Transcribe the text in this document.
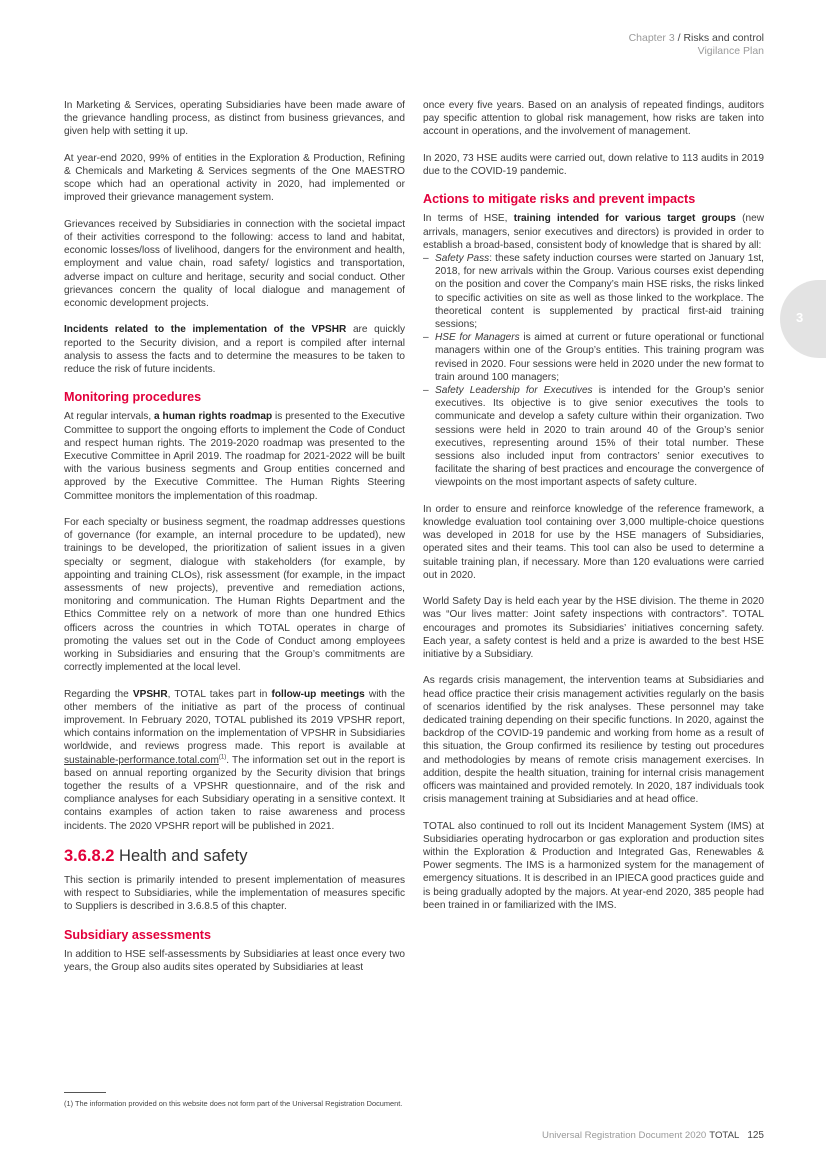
Chapter 3 / Risks and control
Vigilance Plan
3

In Marketing & Services, operating Subsidiaries have been made aware of the grievance handling process, as distinct from business grievances, and given help with setting it up.

At year-end 2020, 99% of entities in the Exploration & Production, Refining & Chemicals and Marketing & Services segments of the One MAESTRO scope which had an operational activity in 2020, had implemented or improved their grievance management system.

Grievances received by Subsidiaries in connection with the societal impact of their activities correspond to the following: access to land and habitat, economic losses/loss of livelihood, dangers for the environment and health, employment and value chain, road safety/ logistics and transportation, adverse impact on culture and heritage, security and social conduct. Other grievances concern the quality of local dialogue and management of economic development projects.

Incidents related to the implementation of the VPSHR are quickly reported to the Security division, and a report is compiled after internal analysis to assess the facts and to determine the measures to be taken to reduce the risk of future incidents.

Monitoring procedures

At regular intervals, a human rights roadmap is presented to the Executive Committee to support the ongoing efforts to implement the Code of Conduct and respect human rights. The 2019-2020 roadmap was presented to the Executive Committee in April 2019. The roadmap for 2021-2022 will be built with the various business segments and Group entities concerned and approved by the Executive Committee. The Human Rights Steering Committee monitors the implementation of this roadmap.

For each specialty or business segment, the roadmap addresses questions of governance (for example, an internal procedure to be updated), new trainings to be developed, the prioritization of salient issues in a given specialty or segment, dialogue with stakeholders (for example, by appointing and training CLOs), risk assessment (for example, in the impact assessments of new projects), preventive and remediation actions, monitoring and communication. The Human Rights Department and the Ethics Committee rely on a network of more than one hundred Ethics officers across the countries in which TOTAL operates in charge of promoting the values set out in the Code of Conduct among employees working in Subsidiaries and ensuring that the Group’s commitments are correctly implemented at the local level.

Regarding the VPSHR, TOTAL takes part in follow-up meetings with the other members of the initiative as part of the process of continual improvement. In February 2020, TOTAL published its 2019 VPSHR report, which contains information on the implementation of VPSHR in Subsidiaries worldwide, and reviews progress made. This report is available at sustainable-performance.total.com$^{(1)}$. The information set out in the report is based on annual reporting organized by the Security division that brings together the results of a VPSHR questionnaire, and of the risk and compliance analyses for each Subsidiary operating in a sensitive context. It contains examples of action taken to raise awareness and process incidents. The 2020 VPSHR report will be published in 2021.

3.6.8.2 Health and safety

This section is primarily intended to present implementation of measures with respect to Subsidiaries, while the implementation of measures specific to Suppliers is described in 3.6.8.5 of this chapter.

Subsidiary assessments

In addition to HSE self-assessments by Subsidiaries at least once every two years, the Group also audits sites operated by Subsidiaries at least

once every five years. Based on an analysis of repeated findings, auditors pay specific attention to global risk management, how risks are taken into account in operations, and the involvement of management.

In 2020, 73 HSE audits were carried out, down relative to 113 audits in 2019 due to the COVID-19 pandemic.

Actions to mitigate risks and prevent impacts

In terms of HSE, training intended for various target groups (new arrivals, managers, senior executives and directors) is provided in order to establish a broad-based, consistent body of knowledge that is shared by all:

– Safety Pass: these safety induction courses were started on January 1st, 2018, for new arrivals within the Group. Various courses exist depending on the position and cover the Company’s main HSE risks, the risks linked to specific activities on site as well as those linked to the workplace. The theoretical content is supplemented by practical first-aid training sessions;
– HSE for Managers is aimed at current or future operational or functional managers within one of the Group’s entities. This training program was revised in 2020. Four sessions were held in 2020 under the new format to train around 100 managers;
– Safety Leadership for Executives is intended for the Group’s senior executives. Its objective is to give senior executives the tools to communicate and develop a safety culture within their organization. Two sessions were held in 2020 to train around 40 of the Group’s senior executives, representing around 15% of their total number. These sessions also included input from contractors’ senior executives to facilitate the sharing of best practices and encourage the convergence of viewpoints on the most important aspects of safety culture.

In order to ensure and reinforce knowledge of the reference framework, a knowledge evaluation tool containing over 3,000 multiple-choice questions was developed in 2018 for use by the HSE managers of Subsidiaries, operated sites and their teams. This tool can also be used to determine a suitable training plan, if necessary. More than 120 evaluations were carried out in 2020.

World Safety Day is held each year by the HSE division. The theme in 2020 was “Our lives matter: Joint safety inspections with contractors”. TOTAL encourages and promotes its Subsidiaries’ initiatives concerning safety. Each year, a safety contest is held and a prize is awarded to the best HSE initiative by a Subsidiary.

As regards crisis management, the intervention teams at Subsidiaries and head office practice their crisis management activities regularly on the basis of scenarios identified by the risk analyses. These personnel may take dedicated training depending on their specific functions. In 2020, against the backdrop of the COVID-19 pandemic and working from home as a result of this situation, the Group confirmed its resilience by testing out procedures and methodologies by means of remote crisis management exercises. In addition, despite the health situation, training for internal crisis management officers was maintained and provided remotely. In 2020, 187 individuals took crisis management training at Subsidiaries and at head office.

TOTAL also continued to roll out its Incident Management System (IMS) at Subsidiaries operating hydrocarbon or gas exploration and production sites within the Exploration & Production and Integrated Gas, Renewables & Power segments. The IMS is a harmonized system for the management of emergency situations. It is described in an IPIECA good practices guide and is being gradually adopted by the majors. At year-end 2020, 385 people had been trained in or familiarized with the IMS.

(1) The information provided on this website does not form part of the Universal Registration Document.
Universal Registration Document 2020 TOTAL 125
